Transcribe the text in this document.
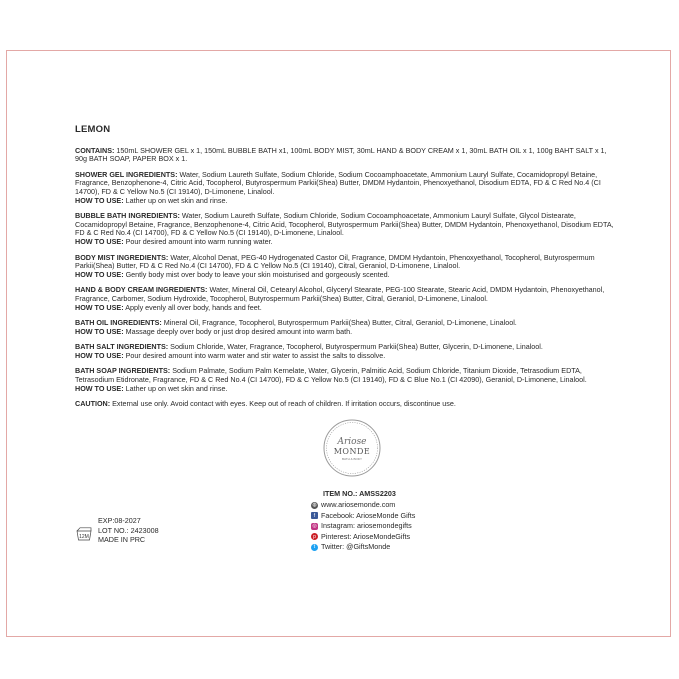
LEMON
CONTAINS: 150mL SHOWER GEL x 1, 150mL BUBBLE BATH x1, 100mL BODY MIST, 30mL HAND & BODY CREAM x 1, 30mL BATH OIL x 1, 100g BAHT SALT x 1, 90g BATH SOAP, PAPER BOX x 1.
SHOWER GEL INGREDIENTS: Water, Sodium Laureth Sulfate, Sodium Chloride, Sodium Cocoamphoacetate, Ammonium Lauryl Sulfate, Cocamidopropyl Betaine, Fragrance, Benzophenone-4, Citric Acid, Tocopherol, Butyrospermum Parkii(Shea) Butter, DMDM Hydantoin, Phenoxyethanol, Disodium EDTA, FD & C Red No.4 (CI 14700), FD & C Yellow No.5 (CI 19140), D-Limonene, Linalool.
HOW TO USE: Lather up on wet skin and rinse.
BUBBLE BATH INGREDIENTS: Water, Sodium Laureth Sulfate, Sodium Chloride, Sodium Cocoamphoacetate, Ammonium Lauryl Sulfate, Glycol Distearate, Cocamidopropyl Betaine, Fragrance, Benzophenone-4, Citric Acid, Tocopherol, Butyrospermum Parkii(Shea) Butter, DMDM Hydantoin, Phenoxyethanol, Disodium EDTA, FD & C Red No.4 (CI 14700), FD & C Yellow No.5 (CI 19140), D-Limonene, Linalool.
HOW TO USE: Pour desired amount into warm running water.
BODY MIST INGREDIENTS: Water, Alcohol Denat, PEG-40 Hydrogenated Castor Oil, Fragrance, DMDM Hydantoin, Phenoxyethanol, Tocopherol, Butyrospermum Parkii(Shea) Butter, FD & C Red No.4 (CI 14700), FD & C Yellow No.5 (CI 19140), Citral, Geraniol, D-Limonene, Linalool.
HOW TO USE: Gently body mist over body to leave your skin moisturised and gorgeously scented.
HAND & BODY CREAM INGREDIENTS: Water, Mineral Oil, Cetearyl Alcohol, Glyceryl Stearate, PEG-100 Stearate, Stearic Acid, DMDM Hydantoin, Phenoxyethanol, Fragrance, Carbomer, Sodium Hydroxide, Tocopherol, Butyrospermum Parkii(Shea) Butter, Citral, Geraniol, D-Limonene, Linalool.
HOW TO USE: Apply evenly all over body, hands and feet.
BATH OIL INGREDIENTS: Mineral Oil, Fragrance, Tocopherol, Butyrospermum Parkii(Shea) Butter, Citral, Geraniol, D-Limonene, Linalool.
HOW TO USE: Massage deeply over body or just drop desired amount into warm bath.
BATH SALT INGREDIENTS: Sodium Chloride, Water, Fragrance, Tocopherol, Butyrospermum Parkii(Shea) Butter, Glycerin, D-Limonene, Linalool.
HOW TO USE: Pour desired amount into warm water and stir water to assist the salts to dissolve.
BATH SOAP INGREDIENTS: Sodium Palmate, Sodium Palm Kernelate, Water, Glycerin, Palmitic Acid, Sodium Chloride, Titanium Dioxide, Tetrasodium EDTA, Tetrasodium Etidronate, Fragrance, FD & C Red No.4 (CI 14700), FD & C Yellow No.5 (CI 19140), FD & C Blue No.1 (CI 42090), Geraniol, D-Limonene, Linalool.
HOW TO USE: Lather up on wet skin and rinse.
CAUTION: External use only. Avoid contact with eyes. Keep out of reach of children. If irritation occurs, discontinue use.
Ariose
MONDE
BATH & BODY
ITEM NO.: AMSS2203
◍ www.ariosemonde.com
f Facebook: ArioseMonde Gifts
◎ Instagram: ariosemondegifts
p Pinterest: ArioseMondeGifts
t Twitter: @GiftsMonde
12M
EXP:08-2027
LOT NO.: 2423008
MADE IN PRC
